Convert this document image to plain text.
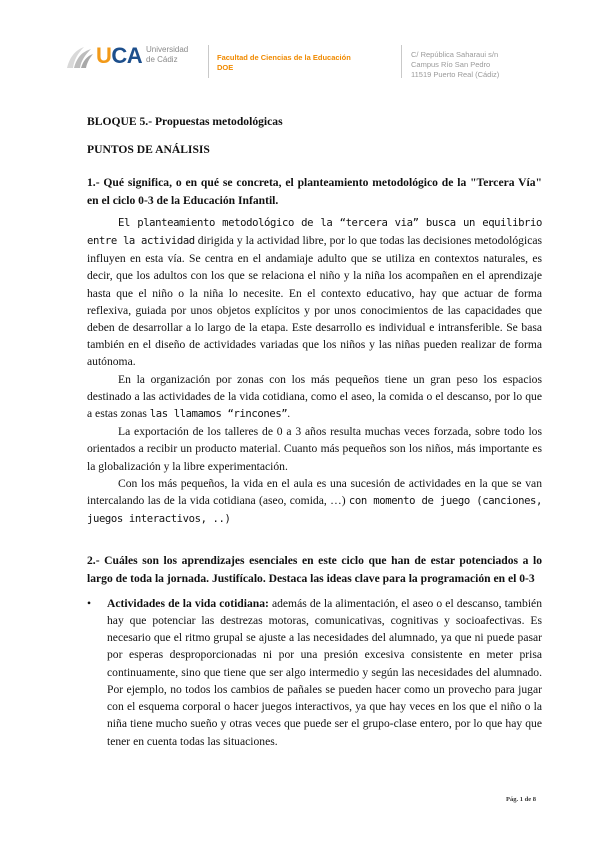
UCA Universidad
de Cádiz	Facultad de Ciencias de la Educación
DOE
C/ República Saharaui s/n
Campus Río San Pedro
11519 Puerto Real (Cádiz)
BLOQUE 5.- Propuestas metodológicas
PUNTOS DE ANÁLISIS

1.- Qué significa, o en qué se concreta, el planteamiento metodológico de la "Tercera Vía" en el ciclo 0-3 de la Educación Infantil.

El planteamiento metodológico de la “tercera via” busca un equilibrio entre la actividad dirigida y la actividad libre, por lo que todas las decisiones metodológicas influyen en esta vía. Se centra en el andamiaje adulto que se utiliza en contextos naturales, es decir, que los adultos con los que se relaciona el niño y la niña los acompañen en el aprendizaje hasta que el niño o la niña lo necesite. En el contexto educativo, hay que actuar de forma reflexiva, guiada por unos objetos explícitos y por unos conocimientos de las capacidades que deben de desarrollar a lo largo de la etapa. Este desarrollo es individual e intransferible. Se basa también en el diseño de actividades variadas que los niños y las niñas pueden realizar de forma autónoma.

En la organización por zonas con los más pequeños tiene un gran peso los espacios destinado a las actividades de la vida cotidiana, como el aseo, la comida o el descanso, por lo que a estas zonas las llamamos “rincones”.

La exportación de los talleres de 0 a 3 años resulta muchas veces forzada, sobre todo los orientados a recibir un producto material. Cuanto más pequeños son los niños, más importante es la globalización y la libre experimentación.

Con los más pequeños, la vida en el aula es una sucesión de actividades en la que se van intercalando las de la vida cotidiana (aseo, comida, …) con momento de juego (canciones, juegos interactivos, ..)

2.- Cuáles son los aprendizajes esenciales en este ciclo que han de estar potenciados a lo largo de toda la jornada. Justifícalo. Destaca las ideas clave para la programación en el 0-3

• Actividades de la vida cotidiana: además de la alimentación, el aseo o el descanso, también hay que potenciar las destrezas motoras, comunicativas, cognitivas y socioafectivas. Es necesario que el ritmo grupal se ajuste a las necesidades del alumnado, ya que ni puede pasar por esperas desproporcionadas ni por una presión excesiva consistente en meter prisa continuamente, sino que tiene que ser algo intermedio y según las necesidades del alumnado. Por ejemplo, no todos los cambios de pañales se pueden hacer como un provecho para jugar con el esquema corporal o hacer juegos interactivos, ya que hay veces en los que el niño o la niña tiene mucho sueño y otras veces que puede ser el grupo-clase entero, por lo que hay que tener en cuenta todas las situaciones.
Pág. 1 de 8
